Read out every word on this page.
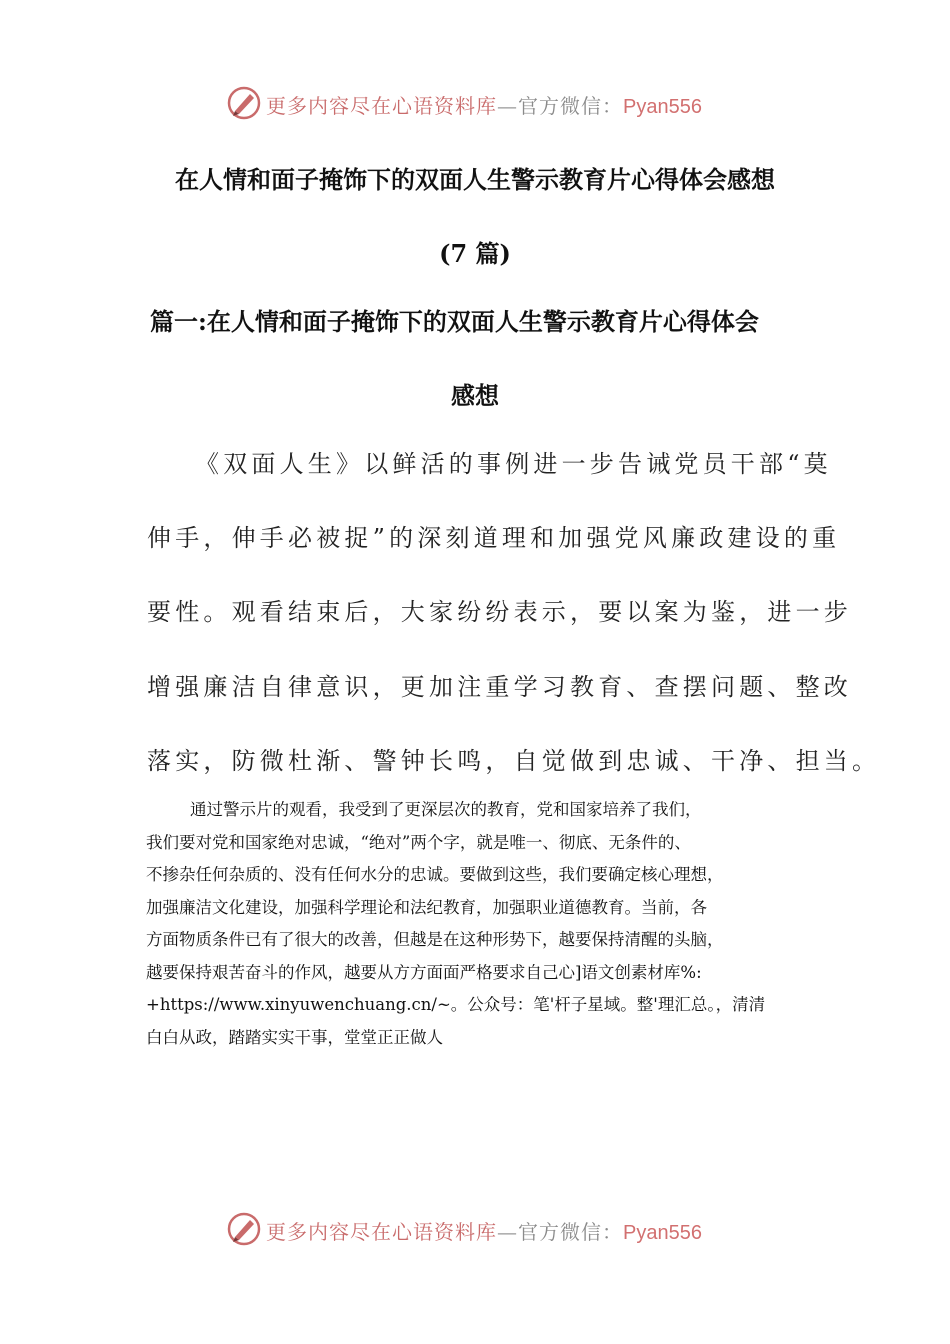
更多内容尽在心语资料库—官方微信：Pyan556
在人情和面子掩饰下的双面人生警示教育片心得体会感想
(7 篇)
篇一:在人情和面子掩饰下的双面人生警示教育片心得体会
感想
《双面人生》以鲜活的事例进一步告诫党员干部“莫
伸手，伸手必被捉”的深刻道理和加强党风廉政建设的重
要性。观看结束后，大家纷纷表示，要以案为鉴，进一步
增强廉洁自律意识，更加注重学习教育、查摆问题、整改
落实，防微杜渐、警钟长鸣，自觉做到忠诚、干净、担当。
通过警示片的观看，我受到了更深层次的教育，党和国家培养了我们，
我们要对党和国家绝对忠诚，“绝对”两个字，就是唯一、彻底、无条件的、
不掺杂任何杂质的、没有任何水分的忠诚。要做到这些，我们要确定核心理想，
加强廉洁文化建设，加强科学理论和法纪教育，加强职业道德教育。当前，各
方面物质条件已有了很大的改善，但越是在这种形势下，越要保持清醒的头脑，
越要保持艰苦奋斗的作风，越要从方方面面严格要求自己心]语文创素材库%:
+https://www.xinyuwenchuang.cn/~。公众号：笔'杆子星域。整'理汇总。，清清
白白从政，踏踏实实干事，堂堂正正做人
更多内容尽在心语资料库—官方微信：Pyan556
